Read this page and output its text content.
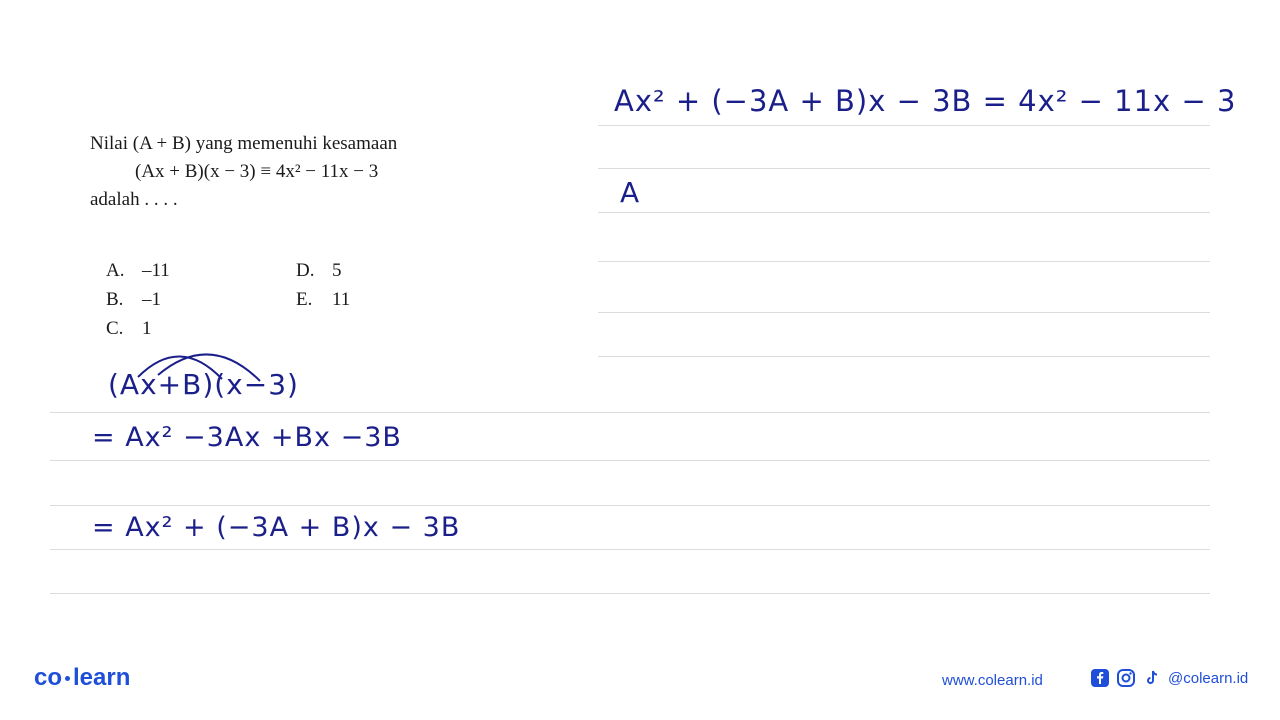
Nilai (A + B) yang memenuhi kesamaan
(Ax + B)(x − 3) ≡ 4x² − 11x − 3
adalah . . . .
A. –11
B. –1
C. 1
D. 5
E. 11
Ax² + (−3A + B)x − 3B = 4x² − 11x − 3
A
(Ax+B)(x−3)
= Ax² −3Ax +Bx −3B
= Ax² + (−3A + B)x − 3B
co learn	www.colearn.id	@colearn.id
